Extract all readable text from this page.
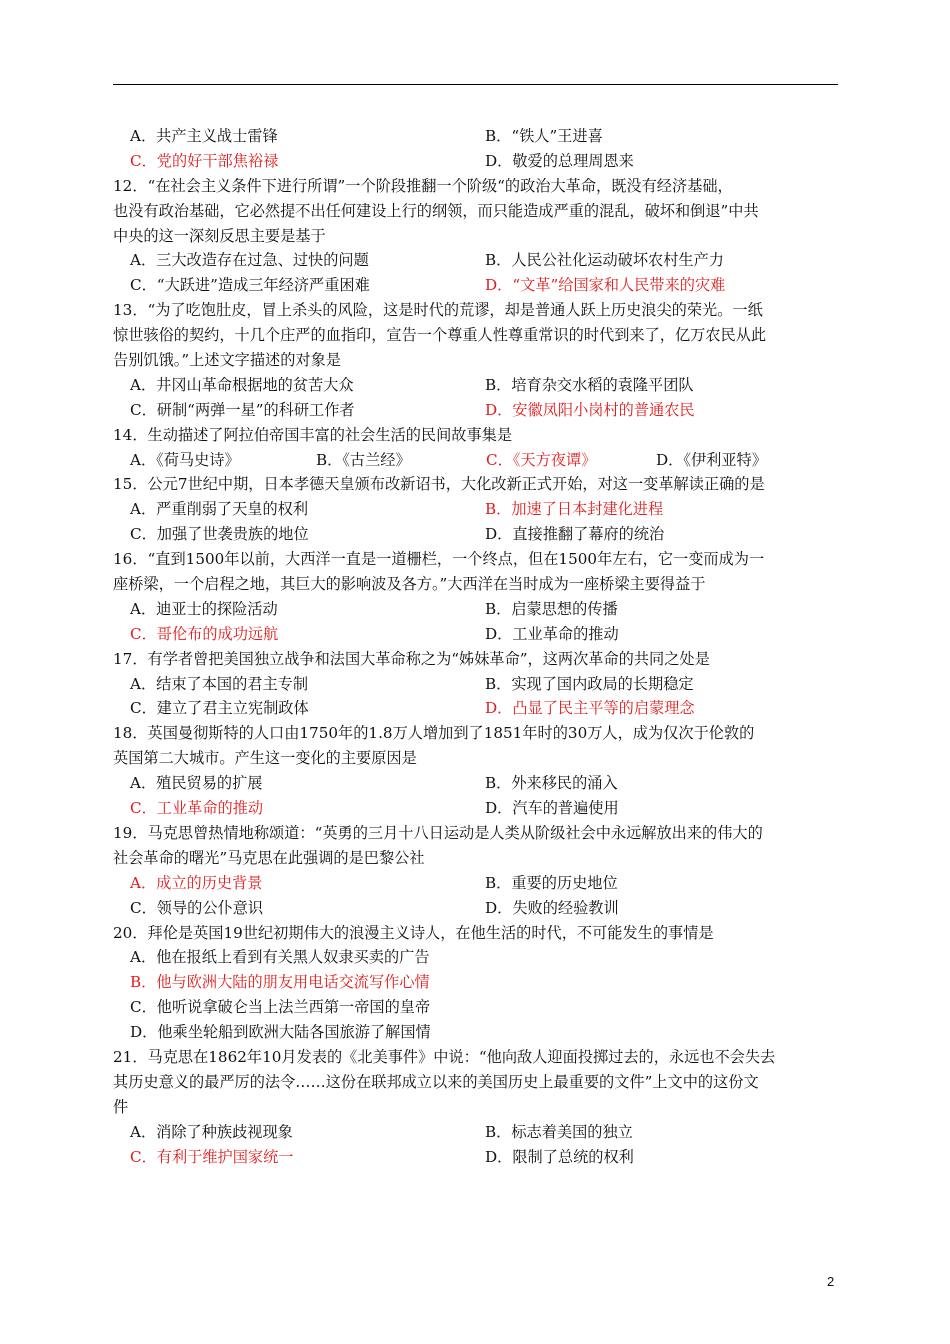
A．共产主义战士雷锋	B．“铁人”王进喜
C．党的好干部焦裕禄	D．敬爱的总理周恩来
12．“在社会主义条件下进行所谓”一个阶段推翻一个阶级“的政治大革命，既没有经济基础，
也没有政治基础，它必然提不出任何建设上行的纲领，而只能造成严重的混乱，破坏和倒退”中共
中央的这一深刻反思主要是基于
A．三大改造存在过急、过快的问题	B．人民公社化运动破坏农村生产力
C．“大跃进”造成三年经济严重困难	D．“文革”给国家和人民带来的灾难
13．“为了吃饱肚皮，冒上杀头的风险，这是时代的荒谬，却是普通人跃上历史浪尖的荣光。一纸
惊世骇俗的契约，十几个庄严的血指印，宣告一个尊重人性尊重常识的时代到来了，亿万农民从此
告别饥饿。”上述文字描述的对象是
A．井冈山革命根据地的贫苦大众	B．培育杂交水稻的袁隆平团队
C．研制“两弹一星”的科研工作者	D．安徽凤阳小岗村的普通农民
14．生动描述了阿拉伯帝国丰富的社会生活的民间故事集是
A．《荷马史诗》	B．《古兰经》	C．《天方夜谭》	D．《伊利亚特》
15．公元7世纪中期，日本孝德天皇颁布改新诏书，大化改新正式开始，对这一变革解读正确的是
A．严重削弱了天皇的权利	B．加速了日本封建化进程
C．加强了世袭贵族的地位	D．直接推翻了幕府的统治
16．“直到1500年以前，大西洋一直是一道栅栏，一个终点，但在1500年左右，它一变而成为一
座桥梁，一个启程之地，其巨大的影响波及各方。”大西洋在当时成为一座桥梁主要得益于
A．迪亚士的探险活动	B．启蒙思想的传播
C．哥伦布的成功远航	D．工业革命的推动
17．有学者曾把美国独立战争和法国大革命称之为“姊妹革命”，这两次革命的共同之处是
A．结束了本国的君主专制	B．实现了国内政局的长期稳定
C．建立了君主立宪制政体	D．凸显了民主平等的启蒙理念
18．英国曼彻斯特的人口由1750年的1.8万人增加到了1851年时的30万人，成为仅次于伦敦的
英国第二大城市。产生这一变化的主要原因是
A．殖民贸易的扩展	B．外来移民的涌入
C．工业革命的推动	D．汽车的普遍使用
19．马克思曾热情地称颂道：“英勇的三月十八日运动是人类从阶级社会中永远解放出来的伟大的
社会革命的曙光”马克思在此强调的是巴黎公社
A．成立的历史背景	B．重要的历史地位
C．领导的公仆意识	D．失败的经验教训
20．拜伦是英国19世纪初期伟大的浪漫主义诗人，在他生活的时代，不可能发生的事情是
A．他在报纸上看到有关黑人奴隶买卖的广告
B．他与欧洲大陆的朋友用电话交流写作心情
C．他听说拿破仑当上法兰西第一帝国的皇帝
D．他乘坐轮船到欧洲大陆各国旅游了解国情
21．马克思在1862年10月发表的《北美事件》中说：“他向敌人迎面投掷过去的，永远也不会失去
其历史意义的最严厉的法令……这份在联邦成立以来的美国历史上最重要的文件”上文中的这份文
件
A．消除了种族歧视现象	B．标志着美国的独立
C．有利于维护国家统一	D．限制了总统的权利
2
